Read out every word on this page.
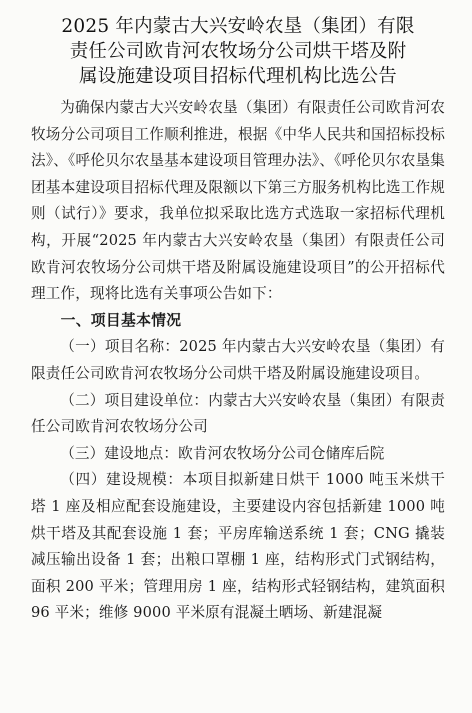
2025 年内蒙古大兴安岭农垦（集团）有限
责任公司欧肯河农牧场分公司烘干塔及附
属设施建设项目招标代理机构比选公告

为确保内蒙古大兴安岭农垦（集团）有限责任公司欧肯河农牧场分公司项目工作顺利推进，根据《中华人民共和国招标投标法》、《呼伦贝尔农垦基本建设项目管理办法》、《呼伦贝尔农垦集团基本建设项目招标代理及限额以下第三方服务机构比选工作规则（试行）》要求，我单位拟采取比选方式选取一家招标代理机构，开展“2025 年内蒙古大兴安岭农垦（集团）有限责任公司欧肯河农牧场分公司烘干塔及附属设施建设项目”的公开招标代理工作，现将比选有关事项公告如下：

一、项目基本情况

（一）项目名称：2025 年内蒙古大兴安岭农垦（集团）有限责任公司欧肯河农牧场分公司烘干塔及附属设施建设项目。

（二）项目建设单位：内蒙古大兴安岭农垦（集团）有限责任公司欧肯河农牧场分公司

（三）建设地点：欧肯河农牧场分公司仓储库后院

（四）建设规模：本项目拟新建日烘干 1000 吨玉米烘干塔 1 座及相应配套设施建设，主要建设内容包括新建 1000 吨烘干塔及其配套设施 1 套；平房库输送系统 1 套；CNG 撬装减压输出设备 1 套；出粮口罩棚 1 座，结构形式门式钢结构，面积 200 平米；管理用房 1 座，结构形式轻钢结构，建筑面积 96 平米；维修 9000 平米原有混凝土晒场、新建混凝
